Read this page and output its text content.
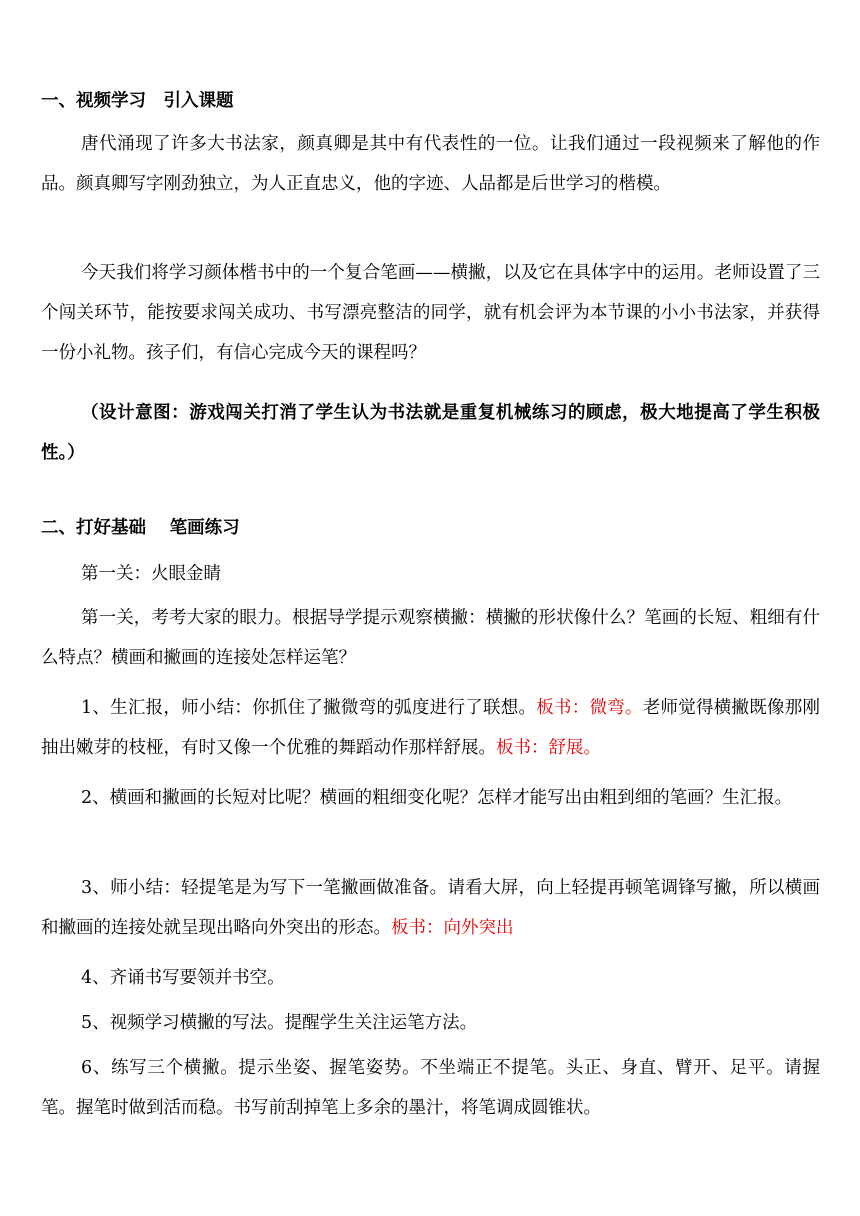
一、视频学习　引入课题

唐代涌现了许多大书法家，颜真卿是其中有代表性的一位。让我们通过一段视频来了解他的作品。颜真卿写字刚劲独立，为人正直忠义，他的字迹、人品都是后世学习的楷模。

今天我们将学习颜体楷书中的一个复合笔画——横撇，以及它在具体字中的运用。老师设置了三个闯关环节，能按要求闯关成功、书写漂亮整洁的同学，就有机会评为本节课的小小书法家，并获得一份小礼物。孩子们，有信心完成今天的课程吗？

（设计意图：游戏闯关打消了学生认为书法就是重复机械练习的顾虑，极大地提高了学生积极性。）

二、打好基础　 笔画练习

第一关：火眼金睛

第一关，考考大家的眼力。根据导学提示观察横撇：横撇的形状像什么？笔画的长短、粗细有什么特点？横画和撇画的连接处怎样运笔？

1、生汇报，师小结：你抓住了撇微弯的弧度进行了联想。板书：微弯。老师觉得横撇既像那刚抽出嫩芽的枝桠，有时又像一个优雅的舞蹈动作那样舒展。板书：舒展。

2、横画和撇画的长短对比呢？横画的粗细变化呢？怎样才能写出由粗到细的笔画？生汇报。

3、师小结：轻提笔是为写下一笔撇画做准备。请看大屏，向上轻提再顿笔调锋写撇，所以横画和撇画的连接处就呈现出略向外突出的形态。板书：向外突出

4、齐诵书写要领并书空。

5、视频学习横撇的写法。提醒学生关注运笔方法。

6、练写三个横撇。提示坐姿、握笔姿势。不坐端正不提笔。头正、身直、臂开、足平。请握笔。握笔时做到活而稳。书写前刮掉笔上多余的墨汁，将笔调成圆锥状。
